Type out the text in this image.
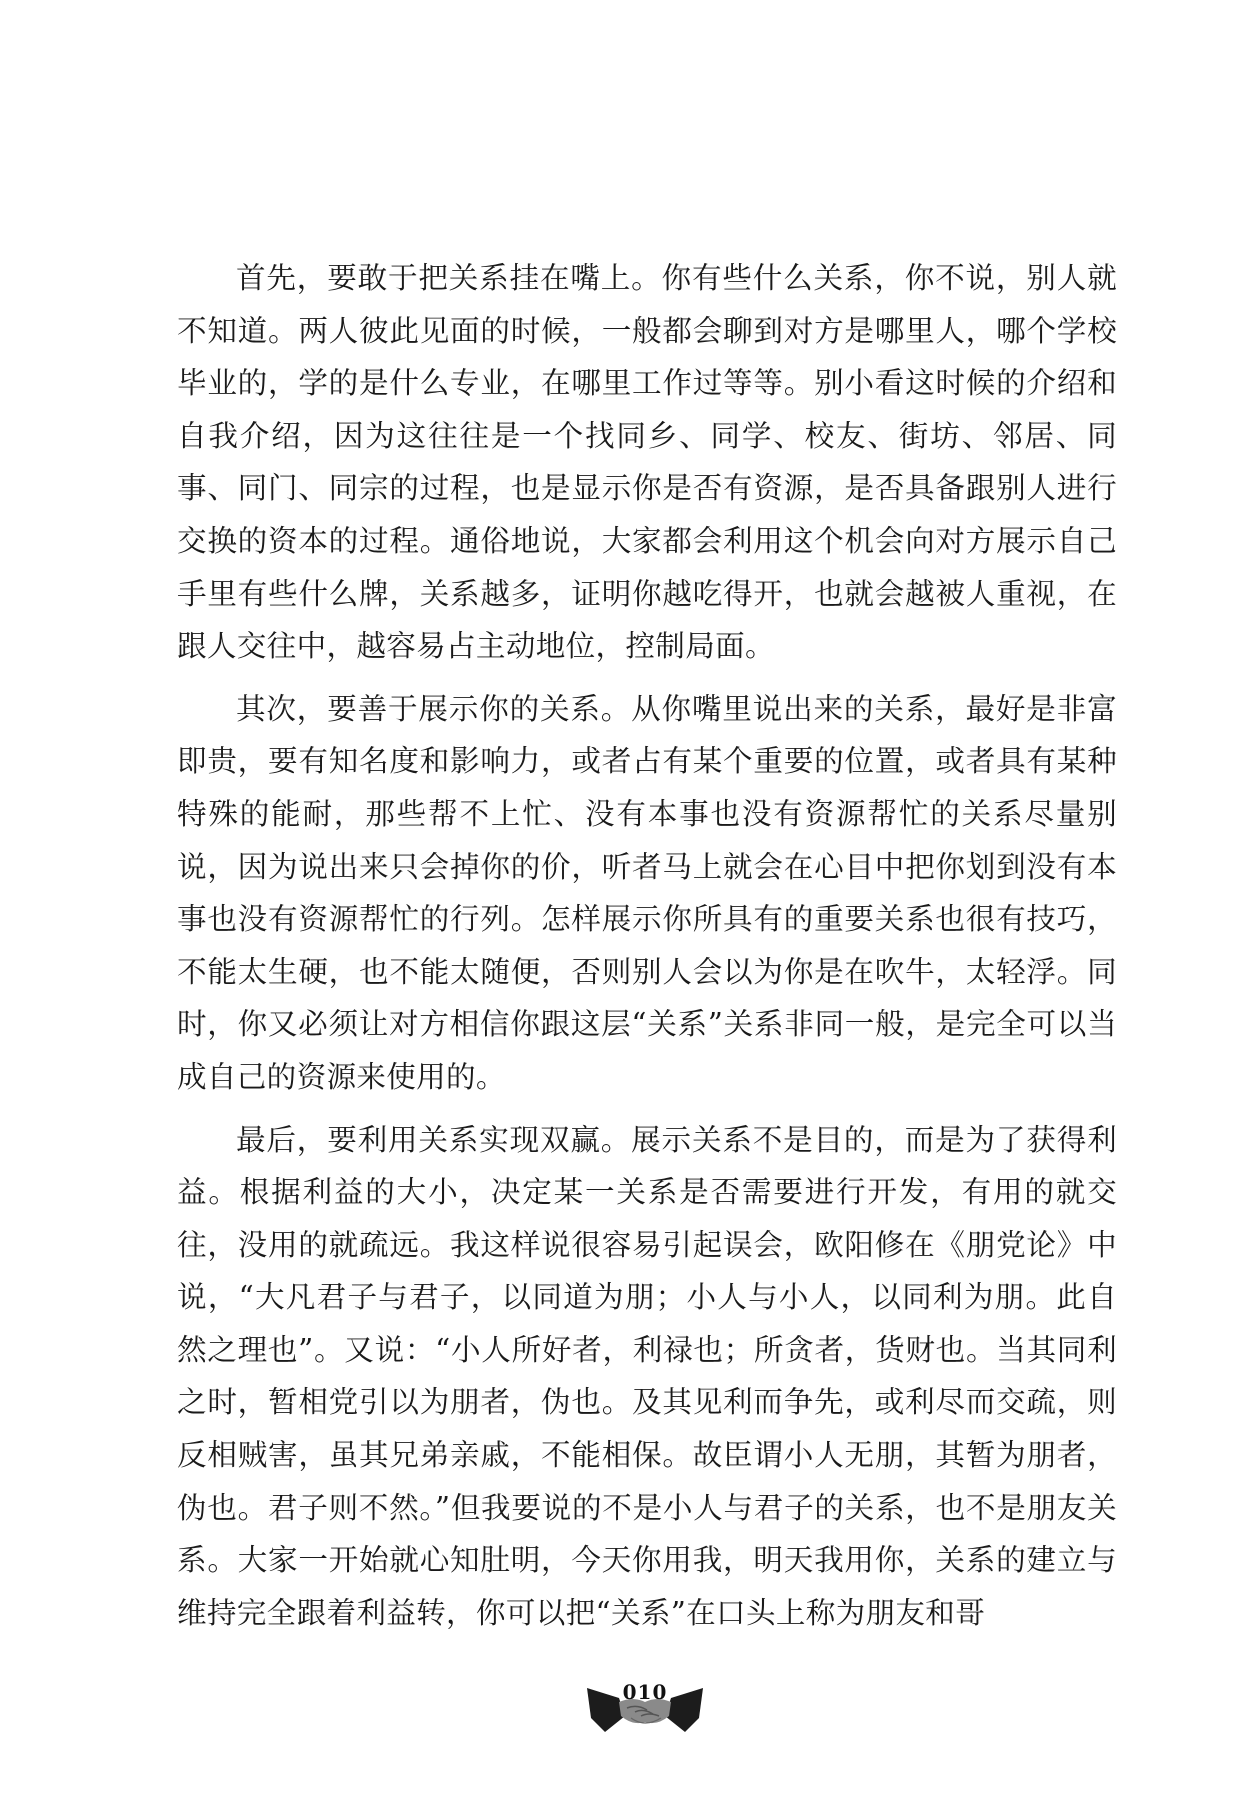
首先，要敢于把关系挂在嘴上。你有些什么关系，你不说，别人就不知道。两人彼此见面的时候，一般都会聊到对方是哪里人，哪个学校毕业的，学的是什么专业，在哪里工作过等等。别小看这时候的介绍和自我介绍，因为这往往是一个找同乡、同学、校友、街坊、邻居、同事、同门、同宗的过程，也是显示你是否有资源，是否具备跟别人进行交换的资本的过程。通俗地说，大家都会利用这个机会向对方展示自己手里有些什么牌，关系越多，证明你越吃得开，也就会越被人重视，在跟人交往中，越容易占主动地位，控制局面。

其次，要善于展示你的关系。从你嘴里说出来的关系，最好是非富即贵，要有知名度和影响力，或者占有某个重要的位置，或者具有某种特殊的能耐，那些帮不上忙、没有本事也没有资源帮忙的关系尽量别说，因为说出来只会掉你的价，听者马上就会在心目中把你划到没有本事也没有资源帮忙的行列。怎样展示你所具有的重要关系也很有技巧，不能太生硬，也不能太随便，否则别人会以为你是在吹牛，太轻浮。同时，你又必须让对方相信你跟这层“关系”关系非同一般，是完全可以当成自己的资源来使用的。

最后，要利用关系实现双赢。展示关系不是目的，而是为了获得利益。根据利益的大小，决定某一关系是否需要进行开发，有用的就交往，没用的就疏远。我这样说很容易引起误会，欧阳修在《朋党论》中说，“大凡君子与君子，以同道为朋；小人与小人，以同利为朋。此自然之理也”。又说：“小人所好者，利禄也；所贪者，货财也。当其同利之时，暂相党引以为朋者，伪也。及其见利而争先，或利尽而交疏，则反相贼害，虽其兄弟亲戚，不能相保。故臣谓小人无朋，其暂为朋者，伪也。君子则不然。”但我要说的不是小人与君子的关系，也不是朋友关系。大家一开始就心知肚明，今天你用我，明天我用你，关系的建立与维持完全跟着利益转，你可以把“关系”在口头上称为朋友和哥

010
